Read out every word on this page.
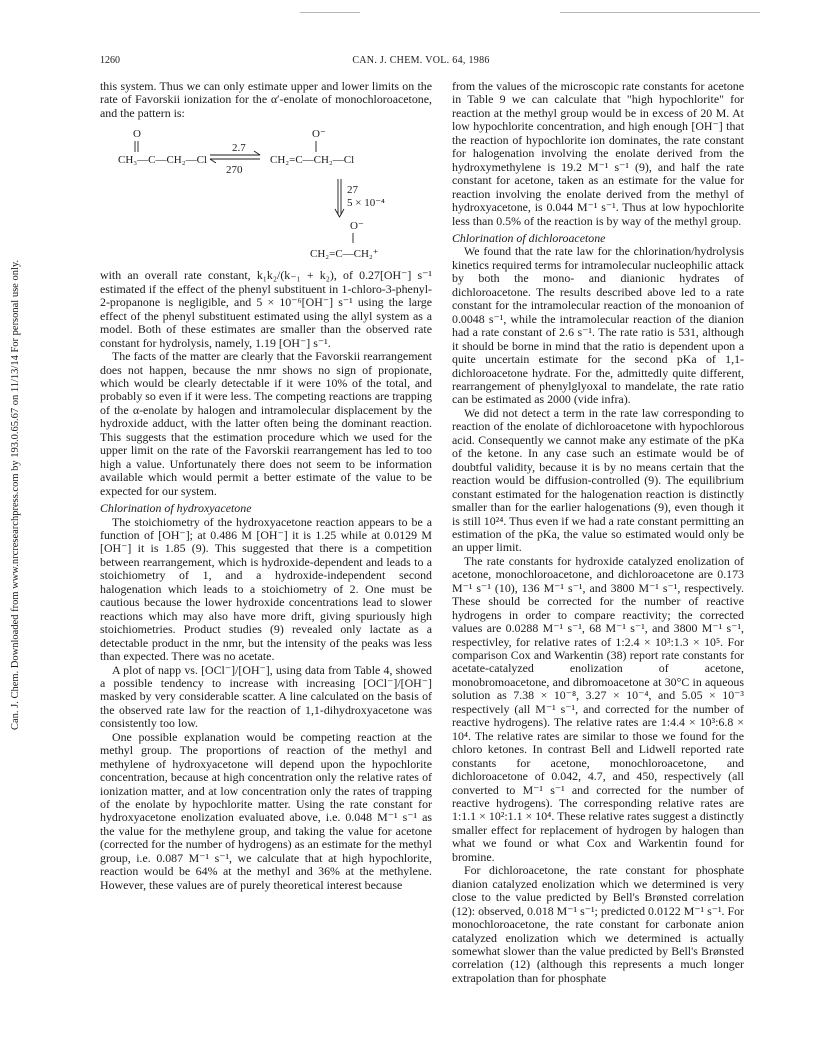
1260	CAN. J. CHEM. VOL. 64, 1986
Can. J. Chem. Downloaded from www.nrcresearchpress.com by 193.0.65.67 on 11/13/14 For personal use only.

this system. Thus we can only estimate upper and lower limits on the rate of Favorskii ionization for the α′-enolate of monochloroacetone, and the pattern is:

O
CH₃—C—CH₂—Cl
2.7
270
O⁻
CH₂=C—CH₂—Cl
27
5 × 10⁻⁴
O⁻
CH₂=C—CH₂⁺

with an overall rate constant, k₁k₂/(k₋₁ + k₂), of 0.27[OH⁻] s⁻¹ estimated if the effect of the phenyl substituent in 1-chloro-3-phenyl-2-propanone is negligible, and 5 × 10⁻⁶[OH⁻] s⁻¹ using the large effect of the phenyl substituent estimated using the allyl system as a model. Both of these estimates are smaller than the observed rate constant for hydrolysis, namely, 1.19 [OH⁻] s⁻¹.

The facts of the matter are clearly that the Favorskii rearrangement does not happen, because the nmr shows no sign of propionate, which would be clearly detectable if it were 10% of the total, and probably so even if it were less. The competing reactions are trapping of the α-enolate by halogen and intramolecular displacement by the hydroxide adduct, with the latter often being the dominant reaction. This suggests that the estimation procedure which we used for the upper limit on the rate of the Favorskii rearrangement has led to too high a value. Unfortunately there does not seem to be information available which would permit a better estimate of the value to be expected for our system.

Chlorination of hydroxyacetone

The stoichiometry of the hydroxyacetone reaction appears to be a function of [OH⁻]; at 0.486 M [OH⁻] it is 1.25 while at 0.0129 M [OH⁻] it is 1.85 (9). This suggested that there is a competition between rearrangement, which is hydroxide-dependent and leads to a stoichiometry of 1, and a hydroxide-independent second halogenation which leads to a stoichiometry of 2. One must be cautious because the lower hydroxide concentrations lead to slower reactions which may also have more drift, giving spuriously high stoichiometries. Product studies (9) revealed only lactate as a detectable product in the nmr, but the intensity of the peaks was less than expected. There was no acetate.

A plot of napp vs. [OCl⁻]/[OH⁻], using data from Table 4, showed a possible tendency to increase with increasing [OCl⁻]/[OH⁻] masked by very considerable scatter. A line calculated on the basis of the observed rate law for the reaction of 1,1-dihydroxyacetone was consistently too low.

One possible explanation would be competing reaction at the methyl group. The proportions of reaction of the methyl and methylene of hydroxyacetone will depend upon the hypochlorite concentration, because at high concentration only the relative rates of ionization matter, and at low concentration only the rates of trapping of the enolate by hypochlorite matter. Using the rate constant for hydroxyacetone enolization evaluated above, i.e. 0.048 M⁻¹ s⁻¹ as the value for the methylene group, and taking the value for acetone (corrected for the number of hydrogens) as an estimate for the methyl group, i.e. 0.087 M⁻¹ s⁻¹, we calculate that at high hypochlorite, reaction would be 64% at the methyl and 36% at the methylene. However, these values are of purely theoretical interest because

from the values of the microscopic rate constants for acetone in Table 9 we can calculate that "high hypochlorite" for reaction at the methyl group would be in excess of 20 M. At low hypochlorite concentration, and high enough [OH⁻] that the reaction of hypochlorite ion dominates, the rate constant for halogenation involving the enolate derived from the hydroxymethylene is 19.2 M⁻¹ s⁻¹ (9), and half the rate constant for acetone, taken as an estimate for the value for reaction involving the enolate derived from the methyl of hydroxyacetone, is 0.044 M⁻¹ s⁻¹. Thus at low hypochlorite less than 0.5% of the reaction is by way of the methyl group.

Chlorination of dichloroacetone

We found that the rate law for the chlorination/hydrolysis kinetics required terms for intramolecular nucleophilic attack by both the mono- and dianionic hydrates of dichloroacetone. The results described above led to a rate constant for the intramolecular reaction of the monoanion of 0.0048 s⁻¹, while the intramolecular reaction of the dianion had a rate constant of 2.6 s⁻¹. The rate ratio is 531, although it should be borne in mind that the ratio is dependent upon a quite uncertain estimate for the second pKa of 1,1-dichloroacetone hydrate. For the, admittedly quite different, rearrangement of phenylglyoxal to mandelate, the rate ratio can be estimated as 2000 (vide infra).

We did not detect a term in the rate law corresponding to reaction of the enolate of dichloroacetone with hypochlorous acid. Consequently we cannot make any estimate of the pKa of the ketone. In any case such an estimate would be of doubtful validity, because it is by no means certain that the reaction would be diffusion-controlled (9). The equilibrium constant estimated for the halogenation reaction is distinctly smaller than for the earlier halogenations (9), even though it is still 10²⁴. Thus even if we had a rate constant permitting an estimation of the pKa, the value so estimated would only be an upper limit.

The rate constants for hydroxide catalyzed enolization of acetone, monochloroacetone, and dichloroacetone are 0.173 M⁻¹ s⁻¹ (10), 136 M⁻¹ s⁻¹, and 3800 M⁻¹ s⁻¹, respectively. These should be corrected for the number of reactive hydrogens in order to compare reactivity; the corrected values are 0.0288 M⁻¹ s⁻¹, 68 M⁻¹ s⁻¹, and 3800 M⁻¹ s⁻¹, respectivley, for relative rates of 1:2.4 × 10³:1.3 × 10⁵. For comparison Cox and Warkentin (38) report rate constants for acetate-catalyzed enolization of acetone, monobromoacetone, and dibromoacetone at 30°C in aqueous solution as 7.38 × 10⁻⁸, 3.27 × 10⁻⁴, and 5.05 × 10⁻³ respectively (all M⁻¹ s⁻¹, and corrected for the number of reactive hydrogens). The relative rates are 1:4.4 × 10³:6.8 × 10⁴. The relative rates are similar to those we found for the chloro ketones. In contrast Bell and Lidwell reported rate constants for acetone, monochloroacetone, and dichloroacetone of 0.042, 4.7, and 450, respectively (all converted to M⁻¹ s⁻¹ and corrected for the number of reactive hydrogens). The corresponding relative rates are 1:1.1 × 10²:1.1 × 10⁴. These relative rates suggest a distinctly smaller effect for replacement of hydrogen by halogen than what we found or what Cox and Warkentin found for bromine.

For dichloroacetone, the rate constant for phosphate dianion catalyzed enolization which we determined is very close to the value predicted by Bell's Brønsted correlation (12): observed, 0.018 M⁻¹ s⁻¹; predicted 0.0122 M⁻¹ s⁻¹. For monochloroacetone, the rate constant for carbonate anion catalyzed enolization which we determined is actually somewhat slower than the value predicted by Bell's Brønsted correlation (12) (although this represents a much longer extrapolation than for phosphate
